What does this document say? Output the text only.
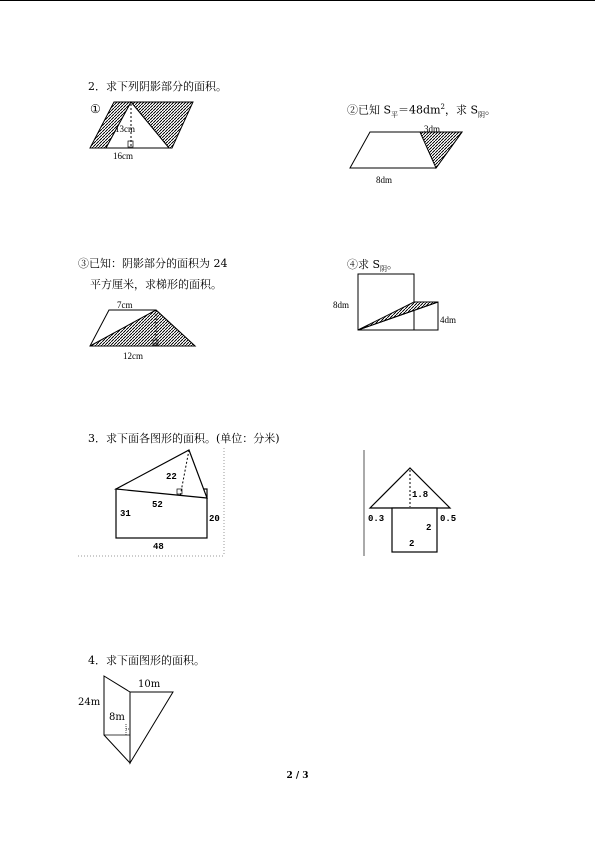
2．求下列阴影部分的面积。
①
13cm
16cm
②已知 $S_平=48dm^2$，求 $S_阴$。
3dm
8dm
③已知：阴影部分的面积为 24
平方厘米，求梯形的面积。
7cm
12cm
④求 $S_阴$。
8dm
4dm
3．求下面各图形的面积。(单位：分米)
22
52
31	20
48
1.8
0.3	0.5
2
2
4．求下面图形的面积。
10m
24m
8m
2 / 3
